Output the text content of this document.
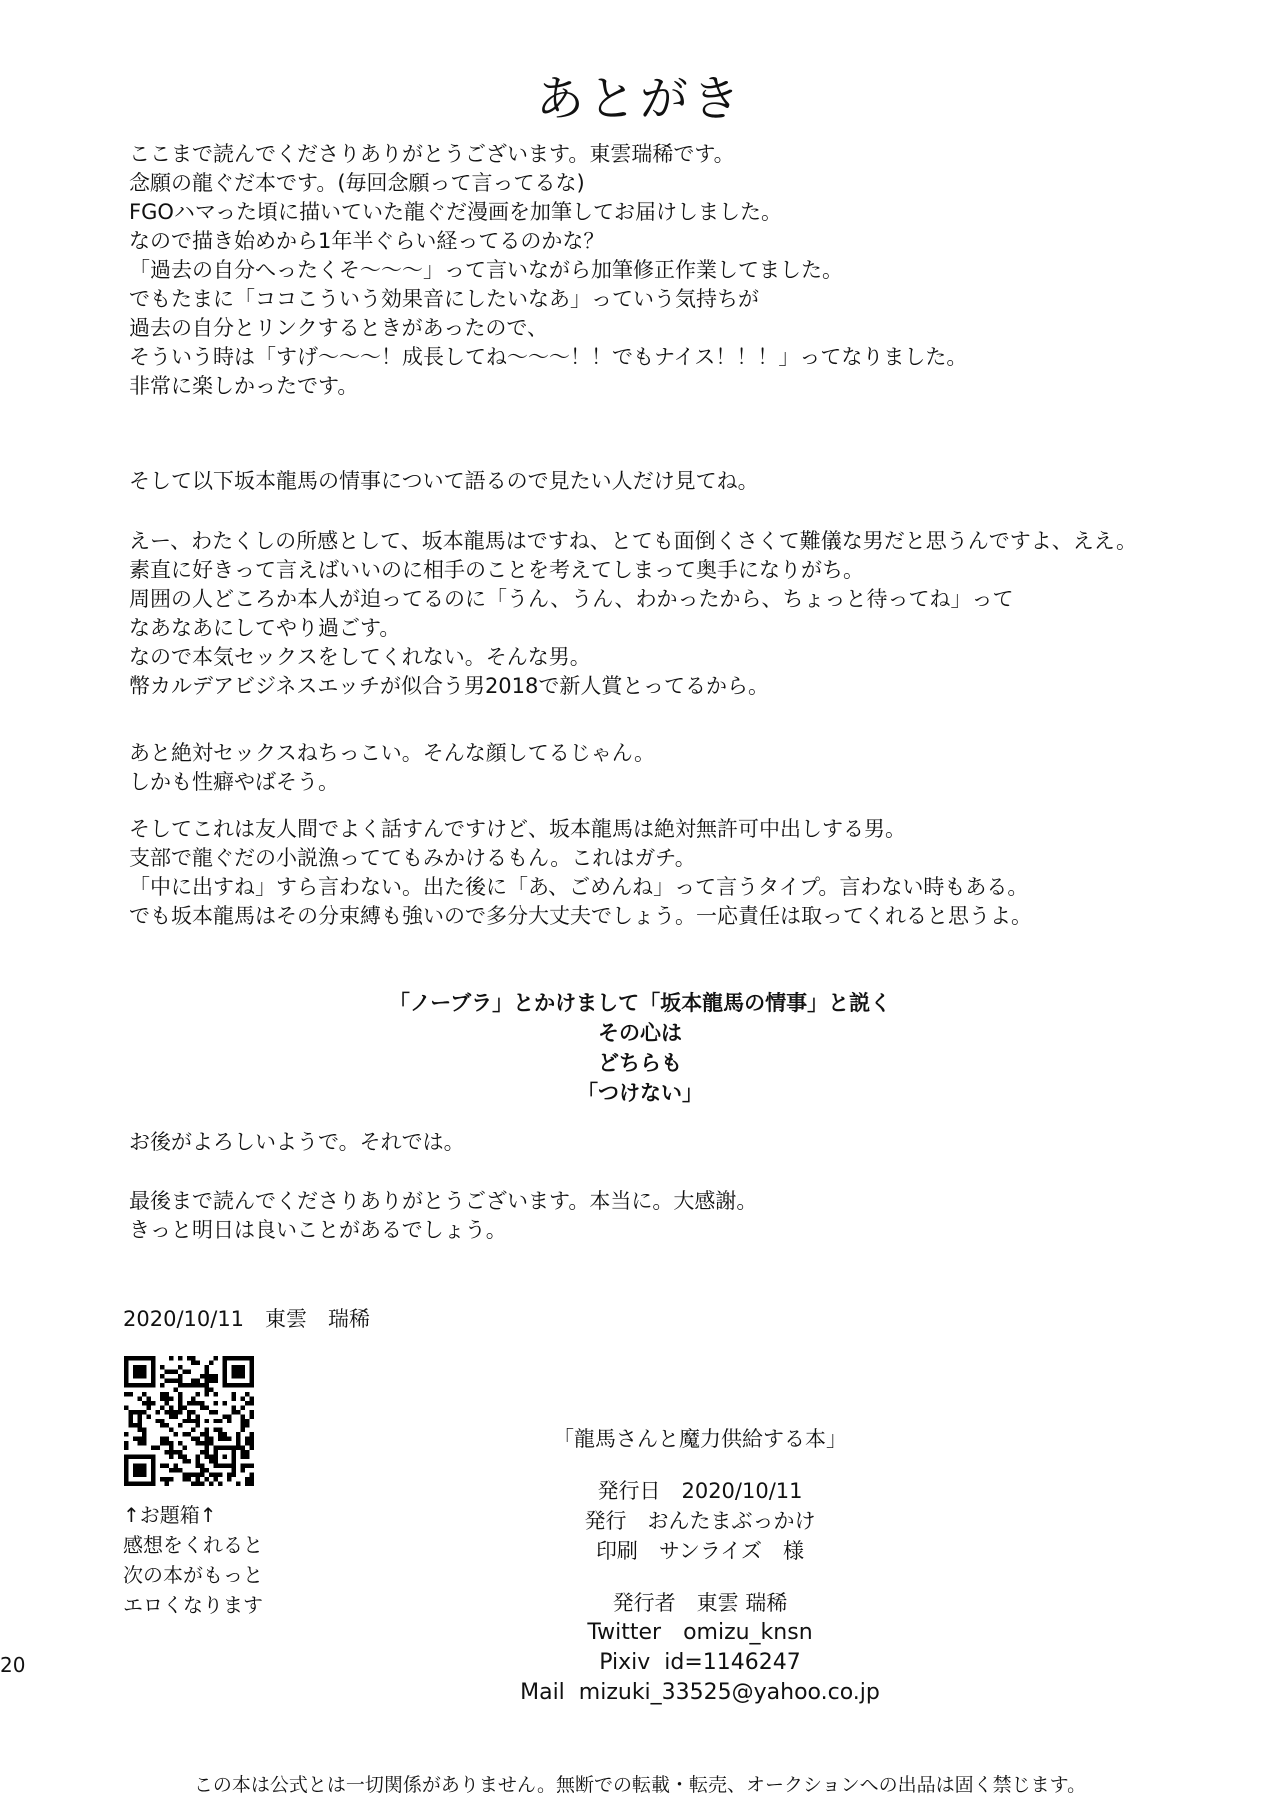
あとがき

ここまで読んでくださりありがとうございます。東雲瑞稀です。

念願の龍ぐだ本です。(毎回念願って言ってるな)

FGOハマった頃に描いていた龍ぐだ漫画を加筆してお届けしました。

なので描き始めから1年半ぐらい経ってるのかな？

「過去の自分へったくそ〜〜〜」って言いながら加筆修正作業してました。

でもたまに「ココこういう効果音にしたいなあ」っていう気持ちが

過去の自分とリンクするときがあったので、

そういう時は「すげ〜〜〜！成長してね〜〜〜！！でもナイス！！！」ってなりました。

非常に楽しかったです。

そして以下坂本龍馬の情事について語るので見たい人だけ見てね。

えー、わたくしの所感として、坂本龍馬はですね、とても面倒くさくて難儀な男だと思うんですよ、ええ。

素直に好きって言えばいいのに相手のことを考えてしまって奥手になりがち。

周囲の人どころか本人が迫ってるのに「うん、うん、わかったから、ちょっと待ってね」って

なあなあにしてやり過ごす。

なので本気セックスをしてくれない。そんな男。

幣カルデアビジネスエッチが似合う男2018で新人賞とってるから。

あと絶対セックスねちっこい。そんな顔してるじゃん。

しかも性癖やばそう。

そしてこれは友人間でよく話すんですけど、坂本龍馬は絶対無許可中出しする男。

支部で龍ぐだの小説漁っててもみかけるもん。これはガチ。

「中に出すね」すら言わない。出た後に「あ、ごめんね」って言うタイプ。言わない時もある。

でも坂本龍馬はその分束縛も強いので多分大丈夫でしょう。一応責任は取ってくれると思うよ。

「ノーブラ」とかけまして「坂本龍馬の情事」と説く

その心は

どちらも

「つけない」

お後がよろしいようで。それでは。

最後まで読んでくださりありがとうございます。本当に。大感謝。

きっと明日は良いことがあるでしょう。

2020/10/11　東雲　瑞稀

↑お題箱↑

感想をくれると

次の本がもっと

エロくなります

「龍馬さんと魔力供給する本」

発行日　2020/10/11

発行　おんたまぶっかけ

印刷　サンライズ　様

発行者　東雲 瑞稀

Twitter　omizu_knsn

Pixiv  id=1146247

Mail  mizuki_33525@yahoo.co.jp

20
この本は公式とは一切関係がありません。無断での転載・転売、オークションへの出品は固く禁じます。
